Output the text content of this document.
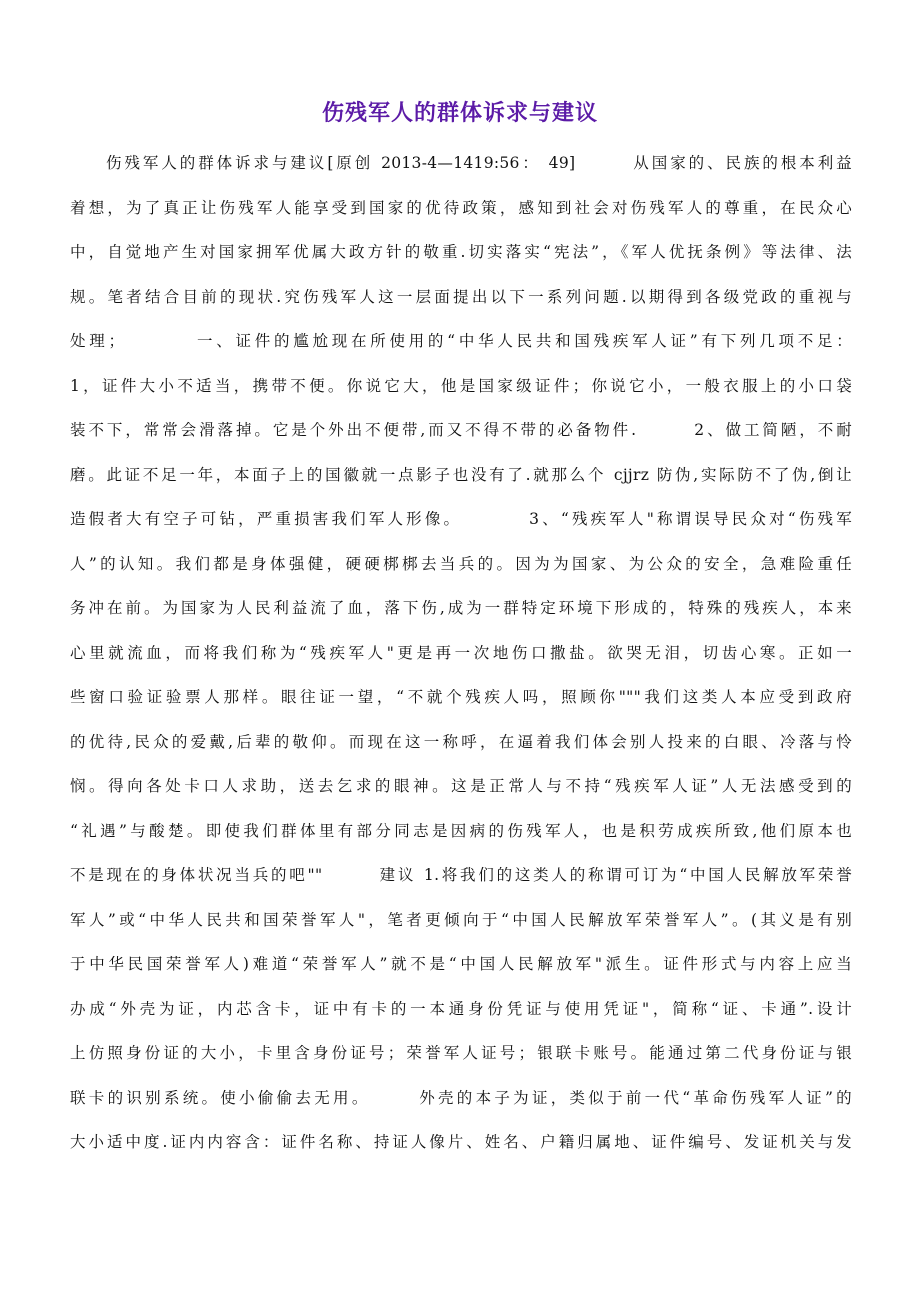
伤残军人的群体诉求与建议
伤残军人的群体诉求与建议[原创 2013-4—1419:56： 49]　　　从国家的、民族的根本利益
着想，为了真正让伤残军人能享受到国家的优待政策，感知到社会对伤残军人的尊重，在民众心
中，自觉地产生对国家拥军优属大政方针的敬重.切实落实“宪法”，《军人优抚条例》等法律、法
规。笔者结合目前的现状.究伤残军人这一层面提出以下一系列问题.以期得到各级党政的重视与
处理；　　　　一、证件的尴尬现在所使用的“中华人民共和国残疾军人证”有下列几项不足：
1，证件大小不适当，携带不便。你说它大，他是国家级证件；你说它小，一般衣服上的小口袋
装不下，常常会滑落掉。它是个外出不便带,而又不得不带的必备物件.　　　2、做工简陋，不耐
磨。此证不足一年，本面子上的国徽就一点影子也没有了.就那么个 cjjrz 防伪,实际防不了伪,倒让
造假者大有空子可钻，严重损害我们军人形像。　　　　3、“残疾军人"称谓误导民众对“伤残军
人”的认知。我们都是身体强健，硬硬梆梆去当兵的。因为为国家、为公众的安全，急难险重任
务冲在前。为国家为人民利益流了血，落下伤,成为一群特定环境下形成的，特殊的残疾人，本来
心里就流血，而将我们称为“残疾军人"更是再一次地伤口撒盐。欲哭无泪，切齿心寒。正如一
些窗口验证验票人那样。眼往证一望，“不就个残疾人吗，照顾你"""我们这类人本应受到政府
的优待,民众的爱戴,后辈的敬仰。而现在这一称呼，在逼着我们体会别人投来的白眼、冷落与怜
悯。得向各处卡口人求助，送去乞求的眼神。这是正常人与不持“残疾军人证”人无法感受到的
“礼遇”与酸楚。即使我们群体里有部分同志是因病的伤残军人，也是积劳成疾所致,他们原本也
不是现在的身体状况当兵的吧""　　　建议 1.将我们的这类人的称谓可订为“中国人民解放军荣誉
军人”或“中华人民共和国荣誉军人"，笔者更倾向于“中国人民解放军荣誉军人”。(其义是有别
于中华民国荣誉军人)难道“荣誉军人”就不是“中国人民解放军"派生。证件形式与内容上应当
办成“外壳为证，内芯含卡，证中有卡的一本通身份凭证与使用凭证"，简称“证、卡通”.设计
上仿照身份证的大小，卡里含身份证号；荣誉军人证号；银联卡账号。能通过第二代身份证与银
联卡的识别系统。使小偷偷去无用。　　　外壳的本子为证，类似于前一代“革命伤残军人证”的
大小适中度.证内内容含：证件名称、持证人像片、姓名、户籍归属地、证件编号、发证机关与发
